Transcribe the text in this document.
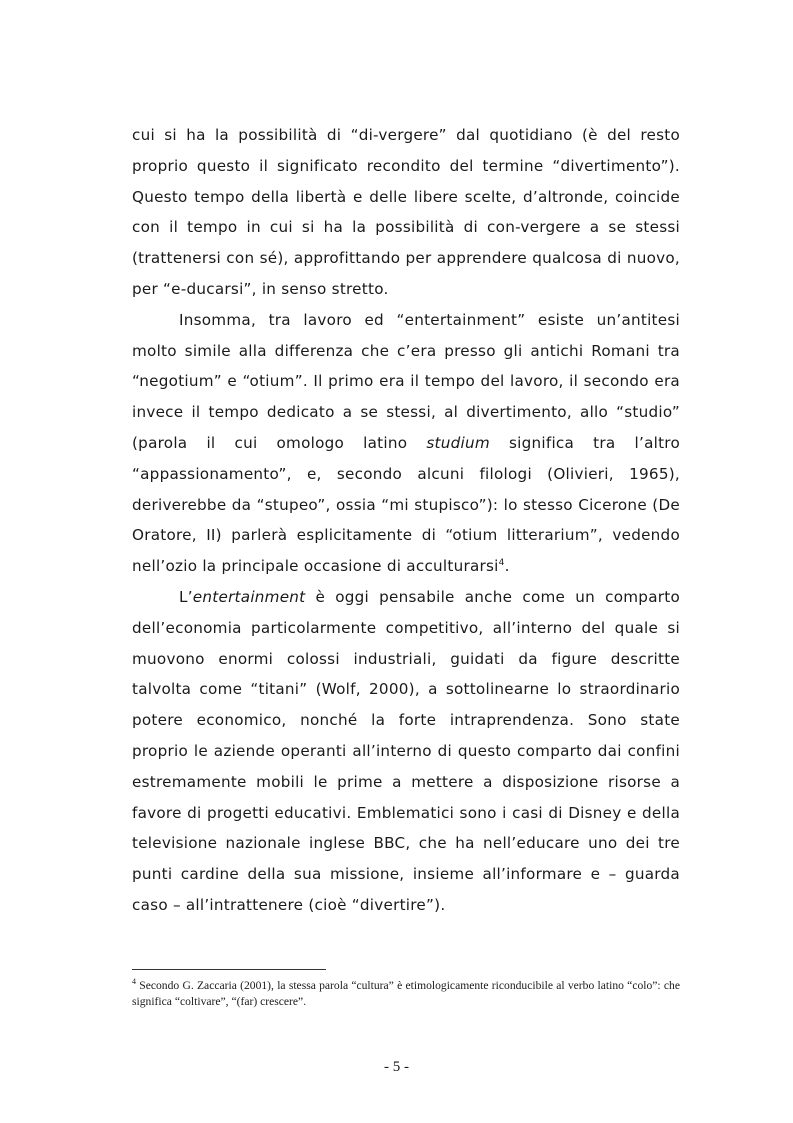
cui si ha la possibilità di “di-vergere” dal quotidiano (è del resto proprio questo il significato recondito del termine “divertimento”). Questo tempo della libertà e delle libere scelte, d’altronde, coincide con il tempo in cui si ha la possibilità di con-vergere a se stessi (trattenersi con sé), approfittando per apprendere qualcosa di nuovo, per “e-ducarsi”, in senso stretto.

Insomma, tra lavoro ed “entertainment” esiste un’antitesi molto simile alla differenza che c’era presso gli antichi Romani tra “negotium” e “otium”. Il primo era il tempo del lavoro, il secondo era invece il tempo dedicato a se stessi, al divertimento, allo “studio” (parola il cui omologo latino studium significa tra l’altro “appassionamento”, e, secondo alcuni filologi (Olivieri, 1965), deriverebbe da “stupeo”, ossia “mi stupisco”): lo stesso Cicerone (De Oratore, II) parlerà esplicitamente di “otium litterarium”, vedendo nell’ozio la principale occasione di acculturarsi$^4$.

L’entertainment è oggi pensabile anche come un comparto dell’economia particolarmente competitivo, all’interno del quale si muovono enormi colossi industriali, guidati da figure descritte talvolta come “titani” (Wolf, 2000), a sottolinearne lo straordinario potere economico, nonché la forte intraprendenza. Sono state proprio le aziende operanti all’interno di questo comparto dai confini estremamente mobili le prime a mettere a disposizione risorse a favore di progetti educativi. Emblematici sono i casi di Disney e della televisione nazionale inglese BBC, che ha nell’educare uno dei tre punti cardine della sua missione, insieme all’informare e – guarda caso – all’intrattenere (cioè “divertire”).

$^4$ Secondo G. Zaccaria (2001), la stessa parola “cultura” è etimologicamente riconducibile al verbo latino “colo”: che significa “coltivare”, “(far) crescere”.

- 5 -
